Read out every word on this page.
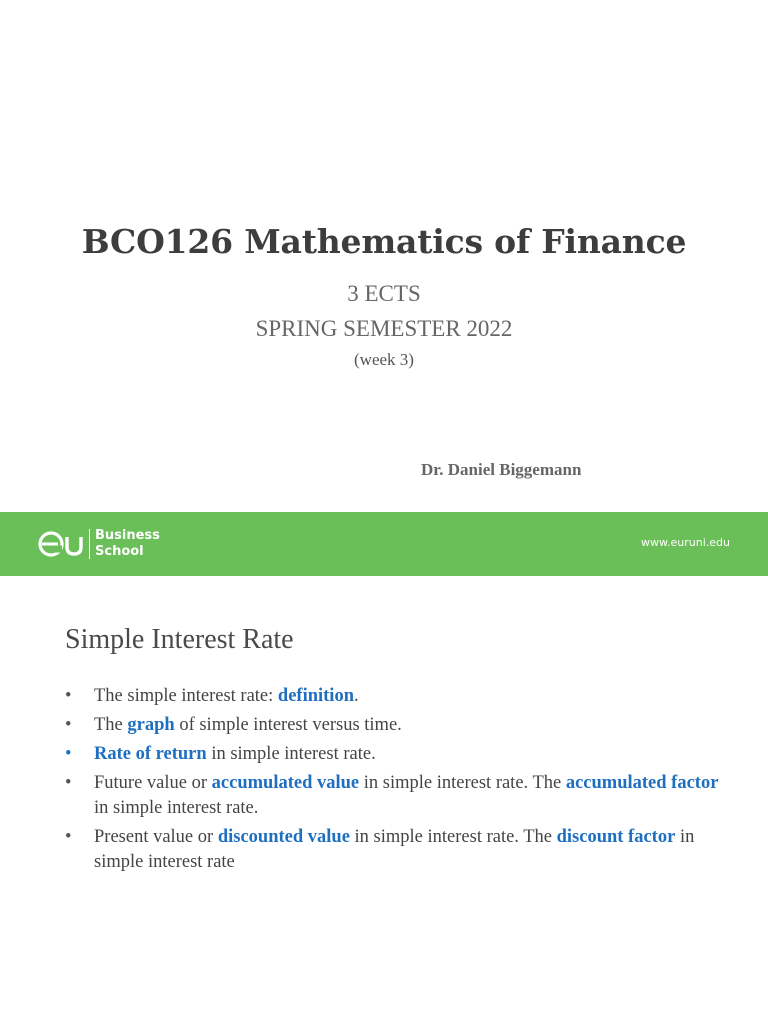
BCO126 Mathematics of Finance
3 ECTS
SPRING SEMESTER 2022
(week 3)
Dr. Daniel Biggemann
Business
School
www.euruni.edu
Simple Interest Rate
• The simple interest rate: definition.
• The graph of simple interest versus time.
• Rate of return in simple interest rate.
• Future value or accumulated value in simple interest rate. The accumulated factor in simple interest rate.
• Present value or discounted value in simple interest rate. The discount factor in simple interest rate
